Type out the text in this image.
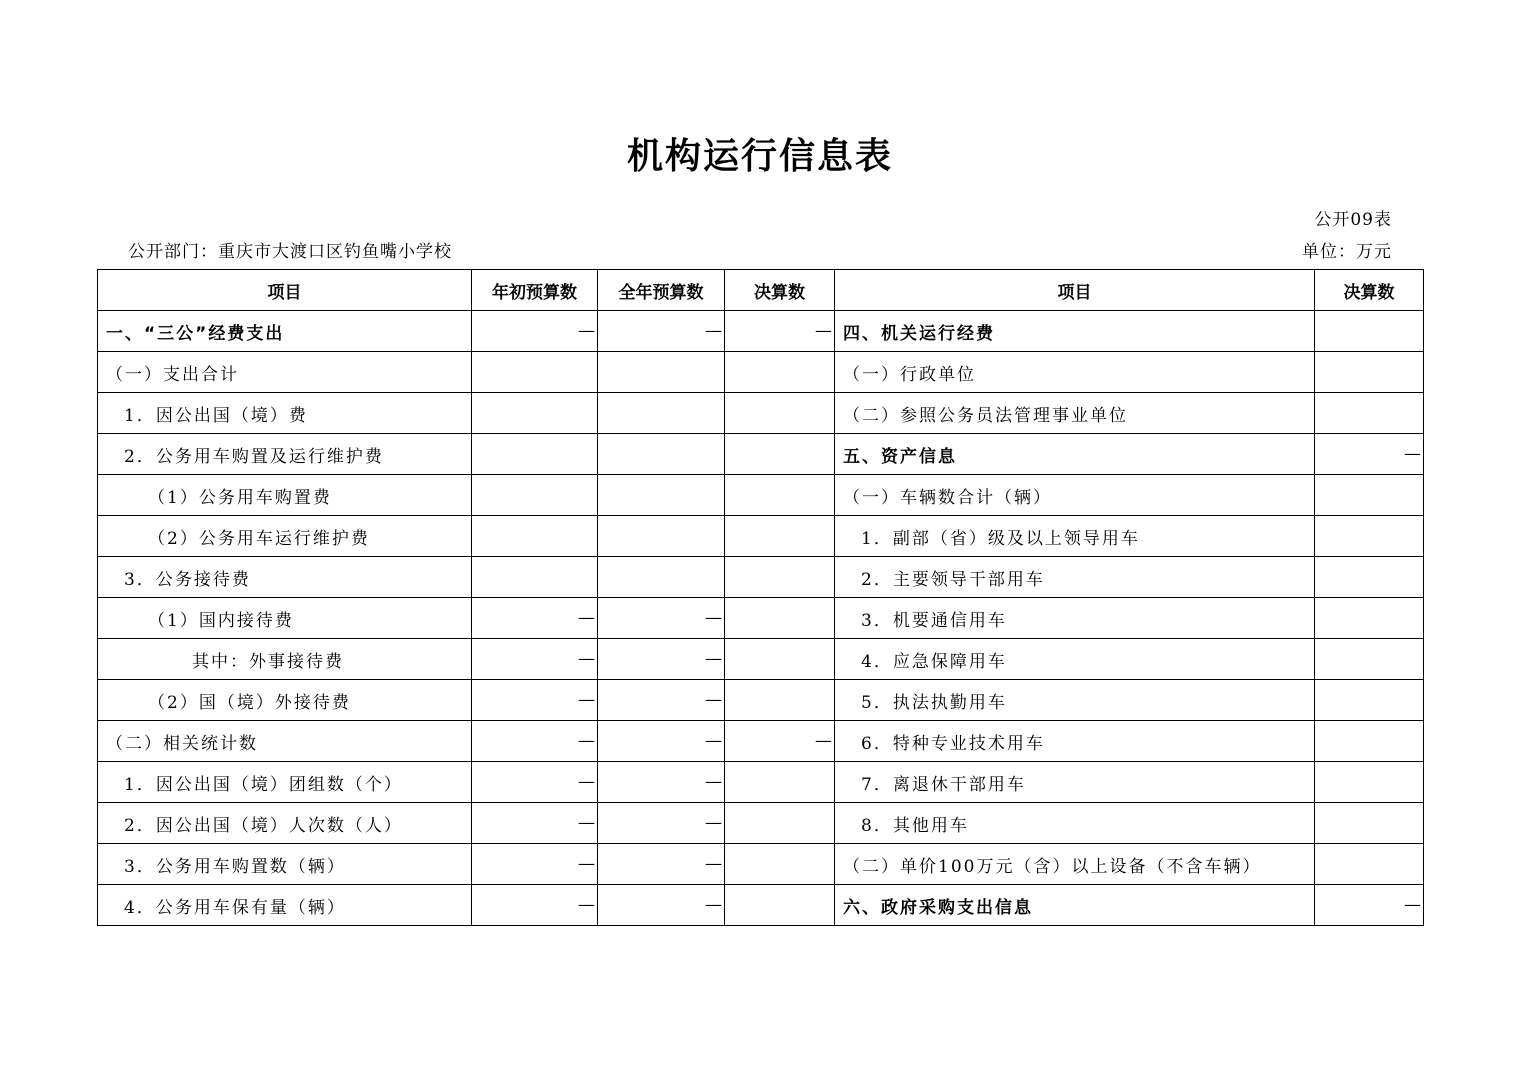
机构运行信息表
公开09表
公开部门：重庆市大渡口区钓鱼嘴小学校	单位：万元
项目	年初预算数	全年预算数	决算数	项目	决算数
一、“三公”经费支出	—	—	—	四、机关运行经费	
（一）支出合计				（一）行政单位	
1．因公出国（境）费				（二）参照公务员法管理事业单位	
2．公务用车购置及运行维护费				五、资产信息	—
（1）公务用车购置费				（一）车辆数合计（辆）	
（2）公务用车运行维护费				1．副部（省）级及以上领导用车	
3．公务接待费				2．主要领导干部用车	
（1）国内接待费	—	—		3．机要通信用车	
其中：外事接待费	—	—		4．应急保障用车	
（2）国（境）外接待费	—	—		5．执法执勤用车	
（二）相关统计数	—	—	—	6．特种专业技术用车	
1．因公出国（境）团组数（个）	—	—		7．离退休干部用车	
2．因公出国（境）人次数（人）	—	—		8．其他用车	
3．公务用车购置数（辆）	—	—		（二）单价100万元（含）以上设备（不含车辆）	
4．公务用车保有量（辆）	—	—		六、政府采购支出信息	—
